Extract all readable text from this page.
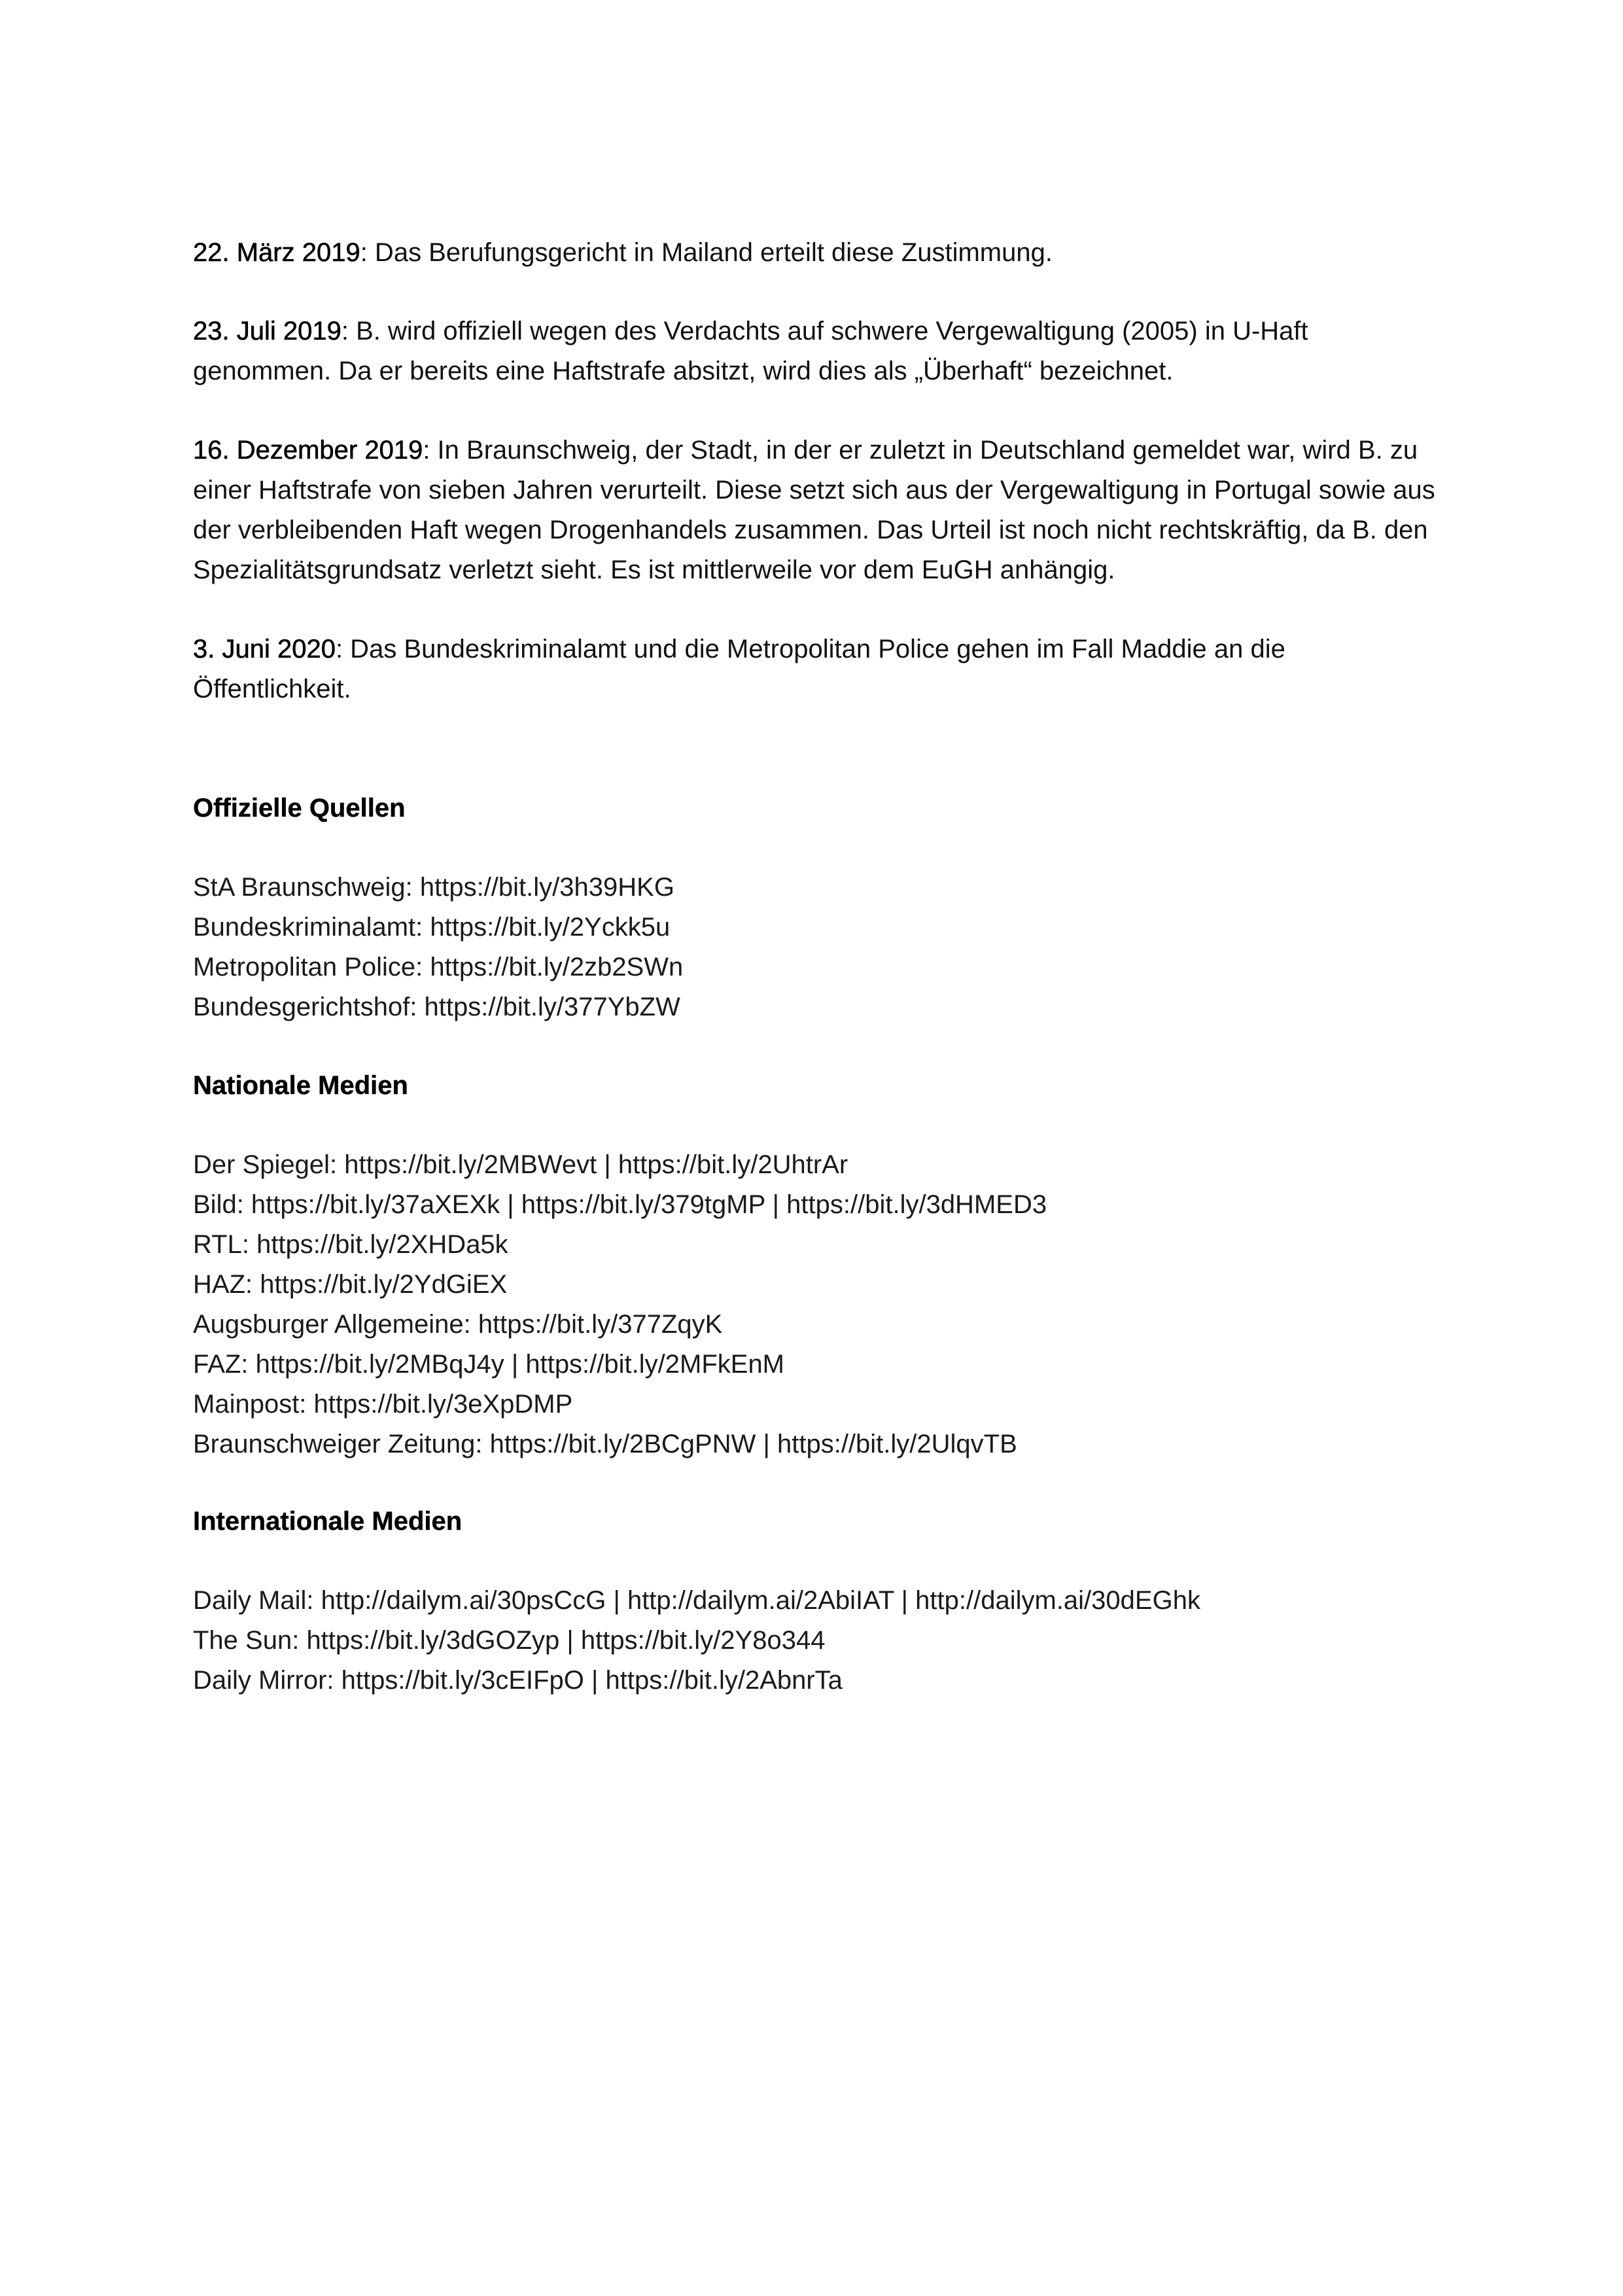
22. März 2019: Das Berufungsgericht in Mailand erteilt diese Zustimmung.

23. Juli 2019: B. wird offiziell wegen des Verdachts auf schwere Vergewaltigung (2005) in U-Haft genommen. Da er bereits eine Haftstrafe absitzt, wird dies als „Überhaft“ bezeichnet.

16. Dezember 2019: In Braunschweig, der Stadt, in der er zuletzt in Deutschland gemeldet war, wird B. zu einer Haftstrafe von sieben Jahren verurteilt. Diese setzt sich aus der Vergewaltigung in Portugal sowie aus der verbleibenden Haft wegen Drogenhandels zusammen. Das Urteil ist noch nicht rechtskräftig, da B. den Spezialitätsgrundsatz verletzt sieht. Es ist mittlerweile vor dem EuGH anhängig.

3. Juni 2020: Das Bundeskriminalamt und die Metropolitan Police gehen im Fall Maddie an die Öffentlichkeit.

Offizielle Quellen
StA Braunschweig: https://bit.ly/3h39HKG
Bundeskriminalamt: https://bit.ly/2Yckk5u
Metropolitan Police: https://bit.ly/2zb2SWn
Bundesgerichtshof: https://bit.ly/377YbZW
Nationale Medien
Der Spiegel: https://bit.ly/2MBWevt | https://bit.ly/2UhtrAr
Bild: https://bit.ly/37aXEXk | https://bit.ly/379tgMP | https://bit.ly/3dHMED3
RTL: https://bit.ly/2XHDa5k
HAZ: https://bit.ly/2YdGiEX
Augsburger Allgemeine: https://bit.ly/377ZqyK
FAZ: https://bit.ly/2MBqJ4y | https://bit.ly/2MFkEnM
Mainpost: https://bit.ly/3eXpDMP
Braunschweiger Zeitung: https://bit.ly/2BCgPNW | https://bit.ly/2UlqvTB
Internationale Medien
Daily Mail: http://dailym.ai/30psCcG | http://dailym.ai/2AbiIAT | http://dailym.ai/30dEGhk
The Sun: https://bit.ly/3dGOZyp | https://bit.ly/2Y8o344
Daily Mirror: https://bit.ly/3cEIFpO | https://bit.ly/2AbnrTa
